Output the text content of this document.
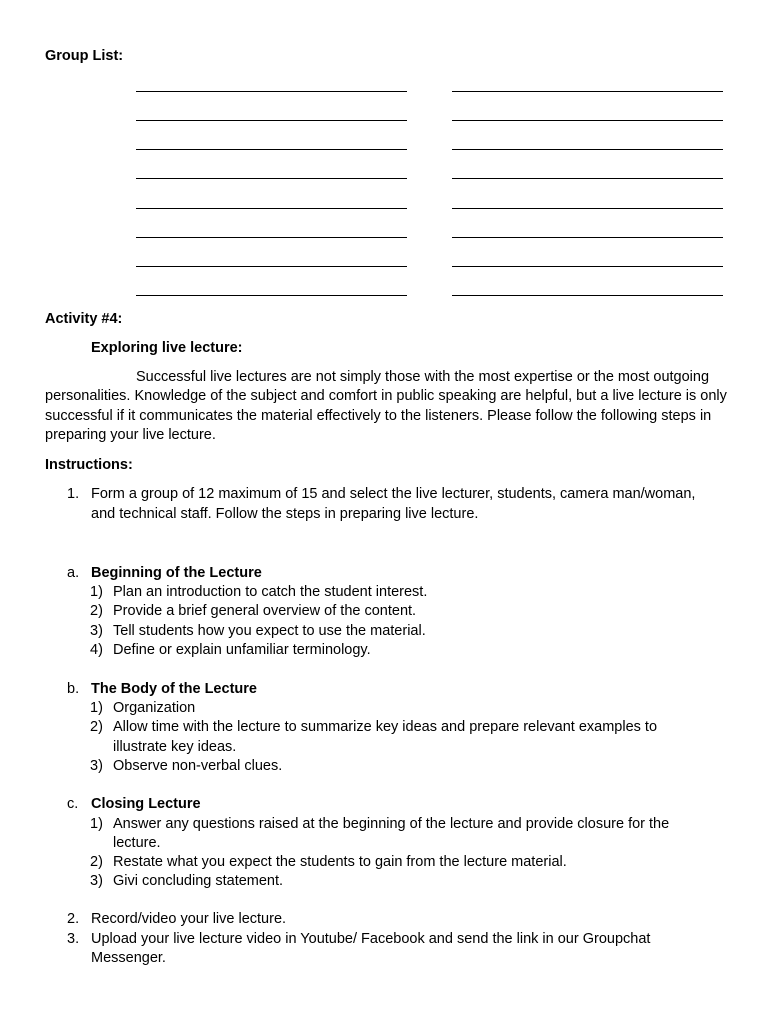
Group List:
Activity #4:
Exploring live lecture:
Successful live lectures are not simply those with the most expertise or the most outgoing personalities. Knowledge of the subject and comfort in public speaking are helpful, but a live lecture is only successful if it communicates the material effectively to the listeners. Please follow the following steps in preparing your live lecture.
Instructions:
1. Form a group of 12 maximum of 15 and select the live lecturer, students, camera man/woman,
and technical staff. Follow the steps in preparing live lecture.
a. Beginning of the Lecture
1) Plan an introduction to catch the student interest.
2) Provide a brief general overview of the content.
3) Tell students how you expect to use the material.
4) Define or explain unfamiliar terminology.
b. The Body of the Lecture
1) Organization
2) Allow time with the lecture to summarize key ideas and prepare relevant examples to
illustrate key ideas.
3) Observe non-verbal clues.
c. Closing Lecture
1) Answer any questions raised at the beginning of the lecture and provide closure for the
lecture.
2) Restate what you expect the students to gain from the lecture material.
3) Givi concluding statement.
2. Record/video your live lecture.
3. Upload your live lecture video in Youtube/ Facebook and send the link in our Groupchat
Messenger.
